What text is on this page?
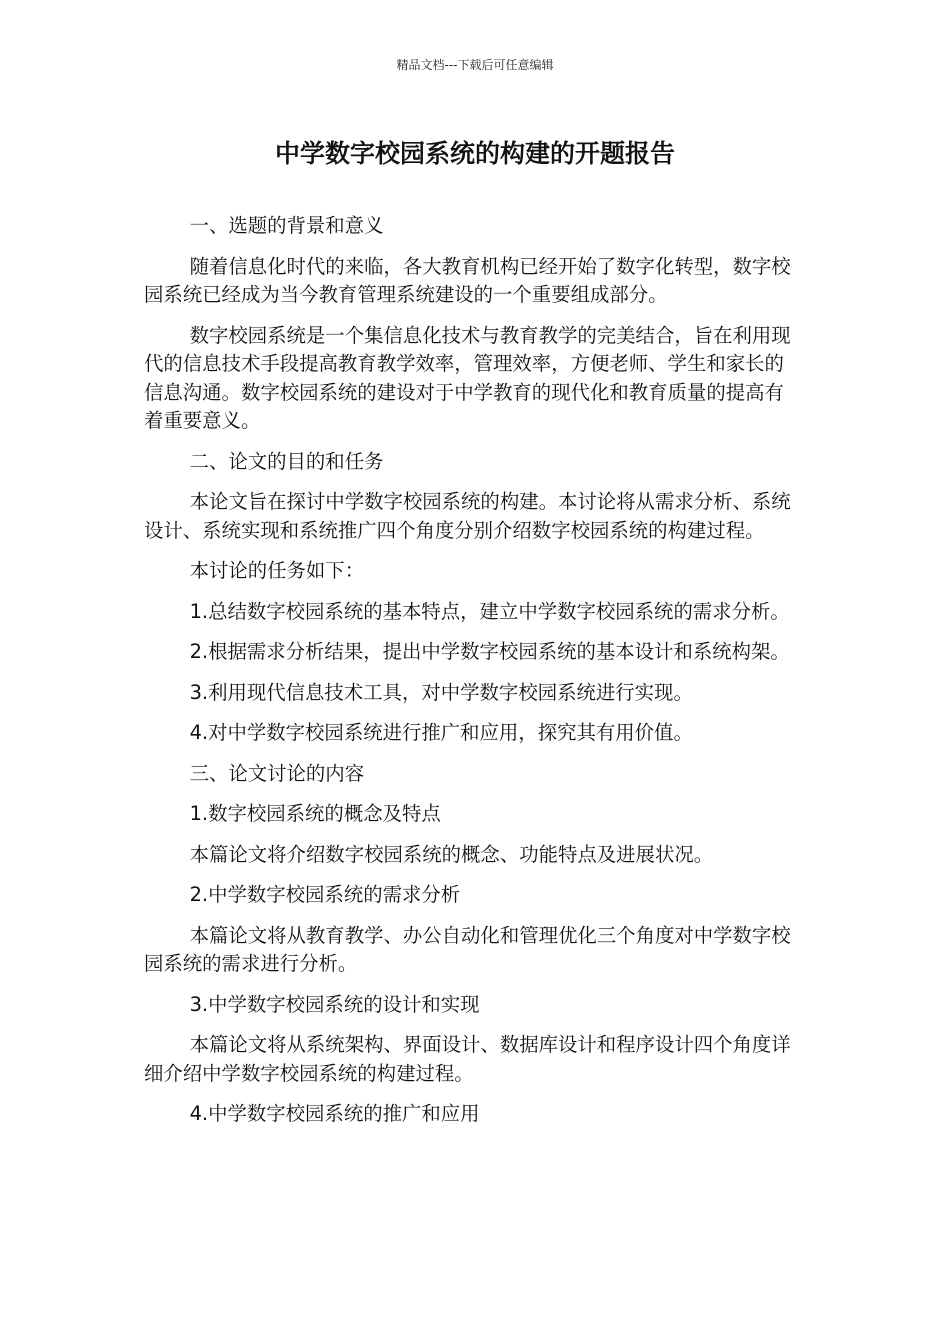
精品文档---下载后可任意编辑
中学数字校园系统的构建的开题报告

一、选题的背景和意义

随着信息化时代的来临，各大教育机构已经开始了数字化转型，数字校园系统已经成为当今教育管理系统建设的一个重要组成部分。

数字校园系统是一个集信息化技术与教育教学的完美结合，旨在利用现代的信息技术手段提高教育教学效率，管理效率，方便老师、学生和家长的信息沟通。数字校园系统的建设对于中学教育的现代化和教育质量的提高有着重要意义。

二、论文的目的和任务

本论文旨在探讨中学数字校园系统的构建。本讨论将从需求分析、系统设计、系统实现和系统推广四个角度分别介绍数字校园系统的构建过程。

本讨论的任务如下：

1.总结数字校园系统的基本特点，建立中学数字校园系统的需求分析。

2.根据需求分析结果，提出中学数字校园系统的基本设计和系统构架。

3.利用现代信息技术工具，对中学数字校园系统进行实现。

4.对中学数字校园系统进行推广和应用，探究其有用价值。

三、论文讨论的内容

1.数字校园系统的概念及特点

本篇论文将介绍数字校园系统的概念、功能特点及进展状况。

2.中学数字校园系统的需求分析

本篇论文将从教育教学、办公自动化和管理优化三个角度对中学数字校园系统的需求进行分析。

3.中学数字校园系统的设计和实现

本篇论文将从系统架构、界面设计、数据库设计和程序设计四个角度详细介绍中学数字校园系统的构建过程。

4.中学数字校园系统的推广和应用
